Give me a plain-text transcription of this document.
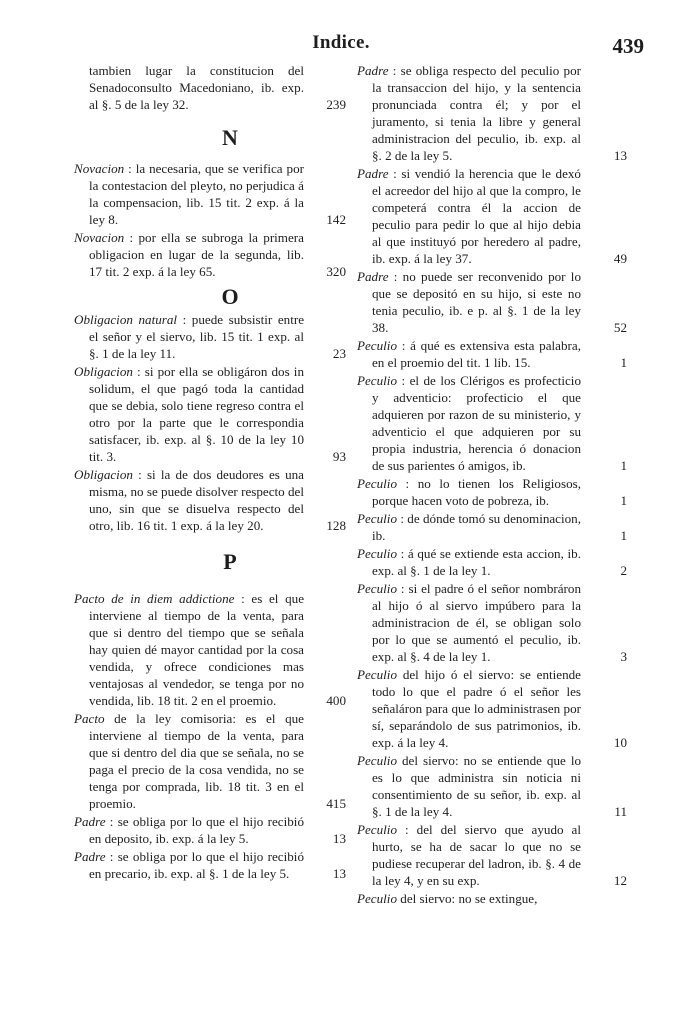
Indice.	439
tambien lugar la constitucion del Senadoconsulto Macedoniano, ib. exp. al §. 5 de la ley 32.	239
N
Novacion : la necesaria, que se verifica por la contestacion del pleyto, no perjudica á la compensacion, lib. 15 tit. 2 exp. á la ley 8.	142
Novacion : por ella se subroga la primera obligacion en lugar de la segunda, lib. 17 tit. 2 exp. á la ley 65.	320
O
Obligacion natural : puede subsistir entre el señor y el siervo, lib. 15 tit. 1 exp. al §. 1 de la ley 11.	23
Obligacion : si por ella se obligáron dos in solidum, el que pagó toda la cantidad que se debia, solo tiene regreso contra el otro por la parte que le correspondia satisfacer, ib. exp. al §. 10 de la ley 10 tit. 3.	93
Obligacion : si la de dos deudores es una misma, no se puede disolver respecto del uno, sin que se disuelva respecto del otro, lib. 16 tit. 1 exp. á la ley 20.	128
P
Pacto de in diem addictione : es el que interviene al tiempo de la venta, para que si dentro del tiempo que se señala hay quien dé mayor cantidad por la cosa vendida, y ofrece condiciones mas ventajosas al vendedor, se tenga por no vendida, lib. 18 tit. 2 en el proemio.	400
Pacto de la ley comisoria: es el que interviene al tiempo de la venta, para que si dentro del dia que se señala, no se paga el precio de la cosa vendida, no se tenga por comprada, lib. 18 tit. 3 en el proemio.	415
Padre : se obliga por lo que el hijo recibió en deposito, ib. exp. á la ley 5.	13
Padre : se obliga por lo que el hijo recibió en precario, ib. exp. al §. 1 de la ley 5.	13
Padre : se obliga respecto del peculio por la transaccion del hijo, y la sentencia pronunciada contra él; y por el juramento, si tenia la libre y general administracion del peculio, ib. exp. al §. 2 de la ley 5.	13
Padre : si vendió la herencia que le dexó el acreedor del hijo al que la compro, le competerá contra él la accion de peculio para pedir lo que al hijo debia al que instituyó por heredero al padre, ib. exp. á la ley 37.	49
Padre : no puede ser reconvenido por lo que se depositó en su hijo, si este no tenia peculio, ib. e p. al §. 1 de la ley 38.	52
Peculio : á qué es extensiva esta palabra, en el proemio del tit. 1 lib. 15.	1
Peculio : el de los Clérigos es profecticio y adventicio: profecticio el que adquieren por razon de su ministerio, y adventicio el que adquieren por su propia industria, herencia ó donacion de sus parientes ó amigos, ib.	1
Peculio : no lo tienen los Religiosos, porque hacen voto de pobreza, ib.	1
Peculio : de dónde tomó su denominacion, ib.	1
Peculio : á qué se extiende esta accion, ib. exp. al §. 1 de la ley 1.	2
Peculio : si el padre ó el señor nombráron al hijo ó al siervo impúbero para la administracion de él, se obligan solo por lo que se aumentó el peculio, ib. exp. al §. 4 de la ley 1.	3
Peculio del hijo ó el siervo: se entiende todo lo que el padre ó el señor les señaláron para que lo administrasen por sí, separándolo de sus patrimonios, ib. exp. á la ley 4.	10
Peculio del siervo: no se entiende que lo es lo que administra sin noticia ni consentimiento de su señor, ib. exp. al §. 1 de la ley 4.	11
Peculio : del del siervo que ayudo al hurto, se ha de sacar lo que no se pudiese recuperar del ladron, ib. §. 4 de la ley 4, y en su exp.	12
Peculio del siervo: no se extingue,
